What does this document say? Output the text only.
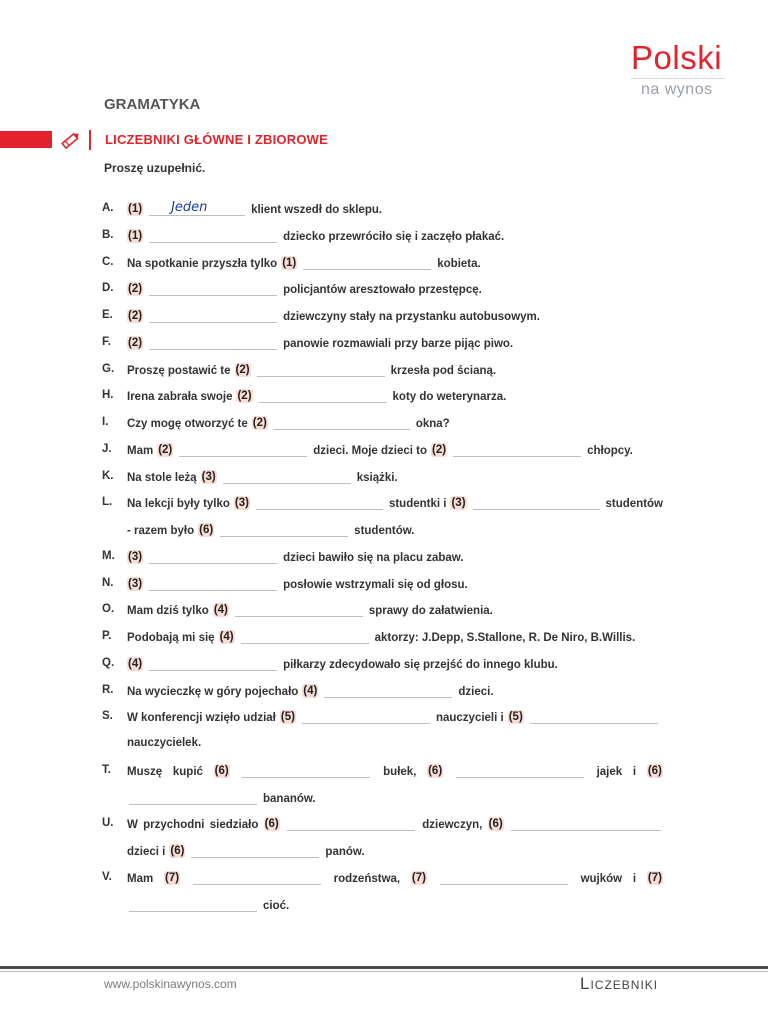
Polski
na wynos
GRAMATYKA
LICZEBNIKI GŁÓWNE I ZBIOROWE
Proszę uzupełnić.
A. (1) Jeden	klient wszedł do sklepu.
B. (1)	dziecko przewróciło się i zaczęło płakać.
C. Na spotkanie przyszła tylko (1)	kobieta.
D. (2)	policjantów aresztowało przestępcę.
E. (2)	dziewczyny stały na przystanku autobusowym.
F. (2)	panowie rozmawiali przy barze pijąc piwo.
G. Proszę postawić te (2)	krzesła pod ścianą.
H. Irena zabrała swoje (2)	koty do weterynarza.
I. Czy mogę otworzyć te (2)	okna?
J. Mam (2)	dzieci. Moje dzieci to (2)	chłopcy.
K. Na stole leżą (3)	książki.
L. Na lekcji były tylko (3)	studentki i (3)	studentów
- razem było (6)	studentów.
M. (3)	dzieci bawiło się na placu zabaw.
N. (3)	posłowie wstrzymali się od głosu.
O. Mam dziś tylko (4)	sprawy do załatwienia.
P. Podobają mi się (4)	aktorzy: J.Depp, S.Stallone, R. De Niro, B.Willis.
Q. (4)	piłkarzy zdecydowało się przejść do innego klubu.
R. Na wycieczkę w góry pojechało (4)	dzieci.
S. W konferencji wzięło udział (5)	nauczycieli i (5)
nauczycielek.
T. Muszę kupić (6)	bułek, (6)	jajek i (6)
bananów.
U. W przychodni siedziało (6)	dziewczyn, (6)
dzieci i (6)	panów.
V. Mam (7)	rodzeństwa, (7)	wujków i (7)
cioć.
www.polskinawynos.com	Liczebniki
